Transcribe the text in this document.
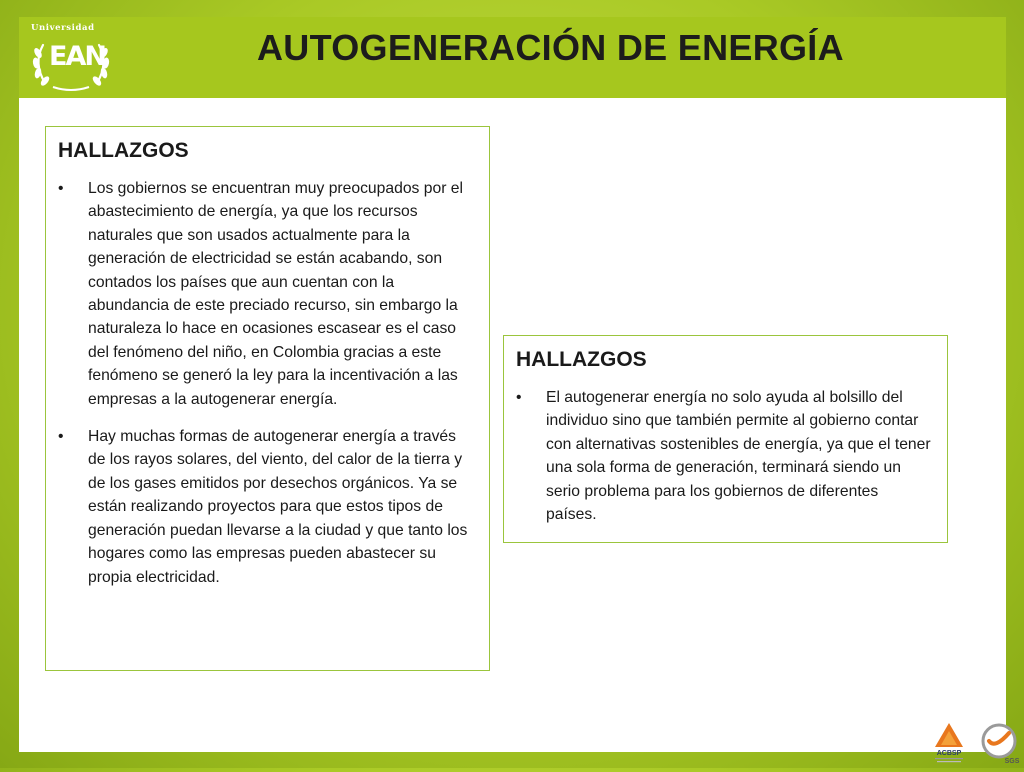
Universidad
EAN	AUTOGENERACIÓN DE ENERGÍA
ACBSP
SGS
HALLAZGOS
• Los gobiernos se encuentran muy preocupados por el abastecimiento de energía, ya que los recursos naturales que son usados actualmente para la generación de electricidad se están acabando, son contados los países que aun cuentan con la abundancia de este preciado recurso, sin embargo la naturaleza lo hace en ocasiones escasear es el caso del fenómeno del niño, en Colombia gracias a este fenómeno se generó la ley para la incentivación a las empresas a la autogenerar energía.
• Hay muchas formas de autogenerar energía a través de los rayos solares, del viento, del calor de la tierra y de los gases emitidos por desechos orgánicos. Ya se están realizando proyectos para que estos tipos de generación puedan llevarse a la ciudad y que tanto los hogares como las empresas pueden abastecer su propia electricidad.
HALLAZGOS
• El autogenerar energía no solo ayuda al bolsillo del individuo sino que también permite al gobierno contar con alternativas sostenibles de energía, ya que el tener una sola forma de generación, terminará siendo un serio problema para los gobiernos de diferentes países.
